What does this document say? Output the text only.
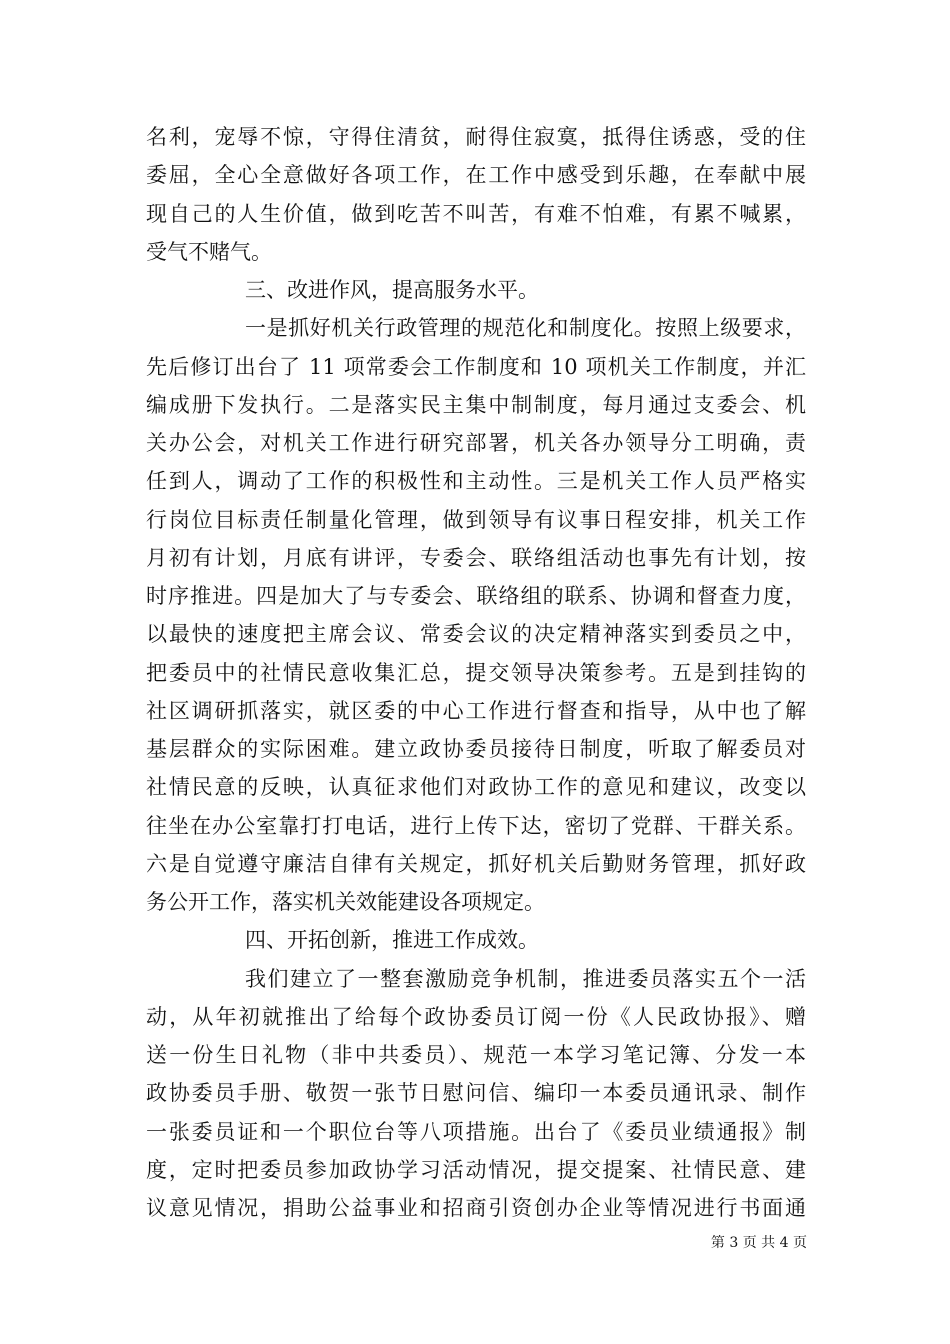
名利，宠辱不惊，守得住清贫，耐得住寂寞，抵得住诱惑，受的住
委屈，全心全意做好各项工作，在工作中感受到乐趣，在奉献中展
现自己的人生价值，做到吃苦不叫苦，有难不怕难，有累不喊累，
受气不赌气。
三、改进作风，提高服务水平。
一是抓好机关行政管理的规范化和制度化。按照上级要求，
先后修订出台了 11 项常委会工作制度和 10 项机关工作制度，并汇
编成册下发执行。二是落实民主集中制制度，每月通过支委会、机
关办公会，对机关工作进行研究部署，机关各办领导分工明确，责
任到人，调动了工作的积极性和主动性。三是机关工作人员严格实
行岗位目标责任制量化管理，做到领导有议事日程安排，机关工作
月初有计划，月底有讲评，专委会、联络组活动也事先有计划，按
时序推进。四是加大了与专委会、联络组的联系、协调和督查力度，
以最快的速度把主席会议、常委会议的决定精神落实到委员之中，
把委员中的社情民意收集汇总，提交领导决策参考。五是到挂钩的
社区调研抓落实，就区委的中心工作进行督查和指导，从中也了解
基层群众的实际困难。建立政协委员接待日制度，听取了解委员对
社情民意的反映，认真征求他们对政协工作的意见和建议，改变以
往坐在办公室靠打打电话，进行上传下达，密切了党群、干群关系。
六是自觉遵守廉洁自律有关规定，抓好机关后勤财务管理，抓好政
务公开工作，落实机关效能建设各项规定。
四、开拓创新，推进工作成效。
我们建立了一整套激励竞争机制，推进委员落实五个一活
动，从年初就推出了给每个政协委员订阅一份《人民政协报》、赠
送一份生日礼物（非中共委员）、规范一本学习笔记簿、分发一本
政协委员手册、敬贺一张节日慰问信、编印一本委员通讯录、制作
一张委员证和一个职位台等八项措施。出台了《委员业绩通报》制
度，定时把委员参加政协学习活动情况，提交提案、社情民意、建
议意见情况，捐助公益事业和招商引资创办企业等情况进行书面通
第 3 页 共 4 页
